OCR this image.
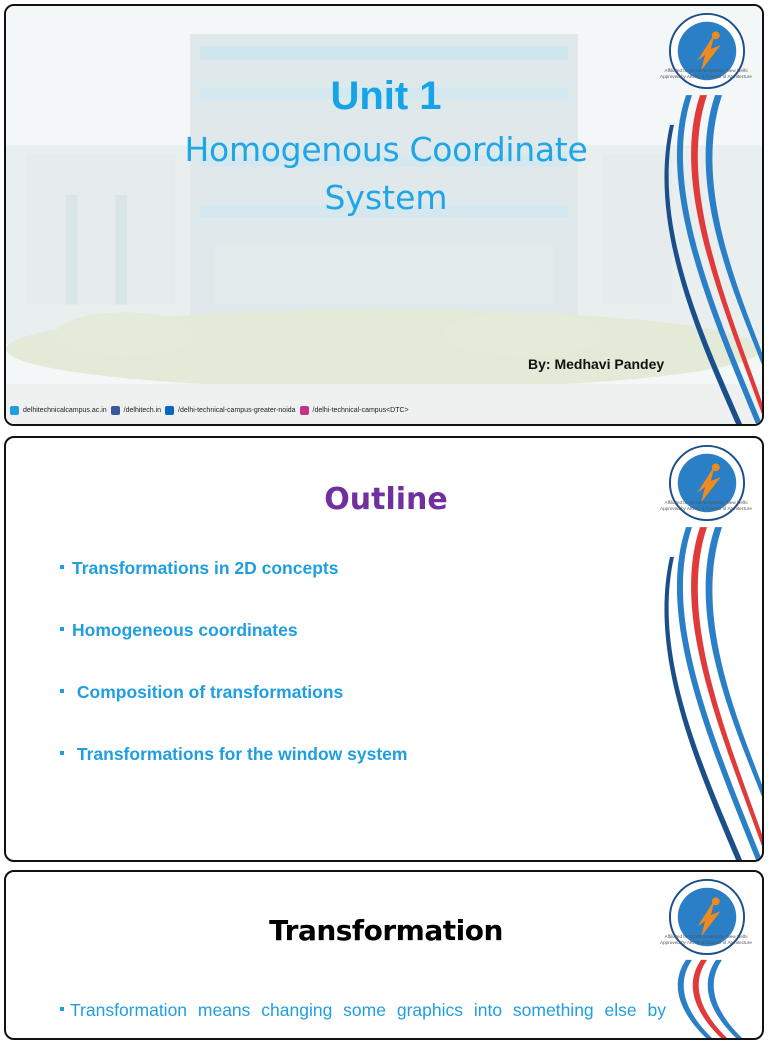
Affiliated to GGSIP University, New Delhi
Approved by AICTE & Council of Architecture
Unit 1
Homogenous Coordinate
System
By: Medhavi Pandey
delhitechnicalcampus.ac.in /delhitech.in /delhi-technical-campus-greater-noida /delhi-technical-campus<DTC>
Affiliated to GGSIP University, New Delhi
Approved by AICTE & Council of Architecture
Outline
Transformations in 2D concepts
Homogeneous coordinates
Composition of transformations
Transformations for the window system
Affiliated to GGSIP University, New Delhi
Approved by AICTE & Council of Architecture
Transformation
Transformation means changing some graphics into something else by
